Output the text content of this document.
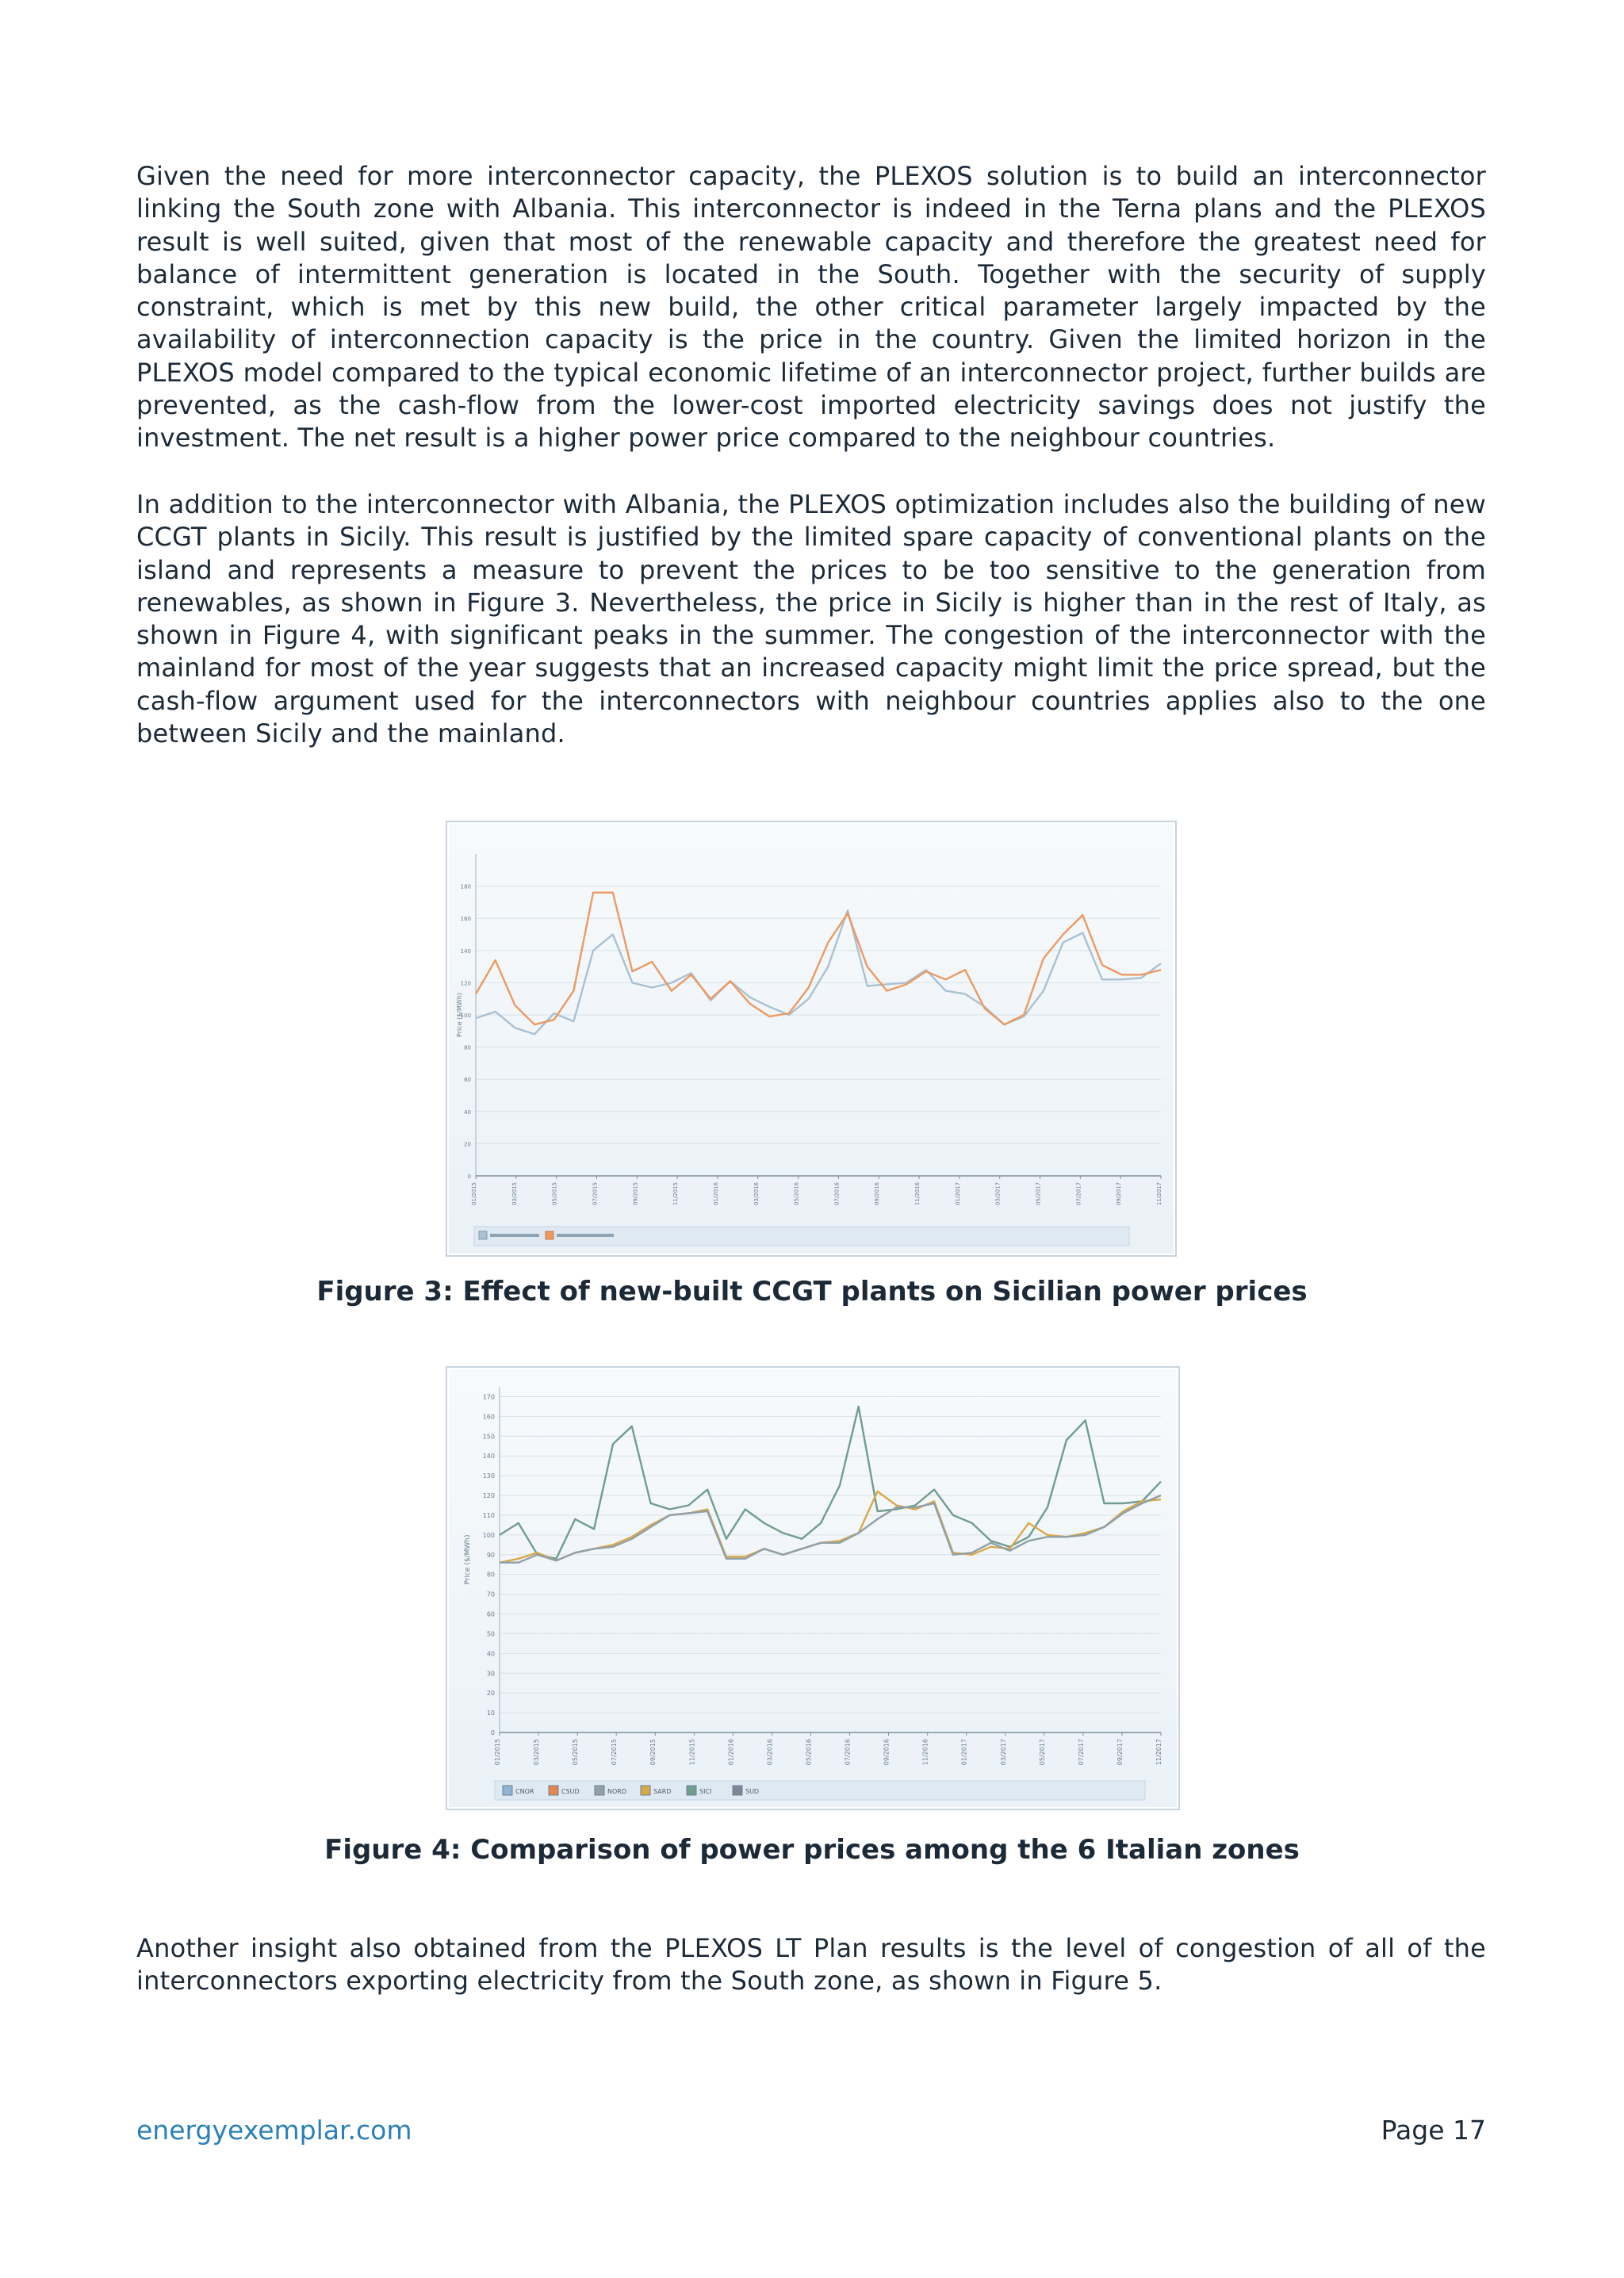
Given the need for more interconnector capacity, the PLEXOS solution is to build an interconnector linking the South zone with Albania. This interconnector is indeed in the Terna plans and the PLEXOS result is well suited, given that most of the renewable capacity and therefore the greatest need for balance of intermittent generation is located in the South. Together with the security of supply constraint, which is met by this new build, the other critical parameter largely impacted by the availability of interconnection capacity is the price in the country. Given the limited horizon in the PLEXOS model compared to the typical economic lifetime of an interconnector project, further builds are prevented, as the cash-flow from the lower-cost imported electricity savings does not justify the investment. The net result is a higher power price compared to the neighbour countries.

In addition to the interconnector with Albania, the PLEXOS optimization includes also the building of new CCGT plants in Sicily. This result is justified by the limited spare capacity of conventional plants on the island and represents a measure to prevent the prices to be too sensitive to the generation from renewables, as shown in Figure 3. Nevertheless, the price in Sicily is higher than in the rest of Italy, as shown in Figure 4, with significant peaks in the summer. The congestion of the interconnector with the mainland for most of the year suggests that an increased capacity might limit the price spread, but the cash-flow argument used for the interconnectors with neighbour countries applies also to the one between Sicily and the mainland.

Price ($/MWh)
0
20
40
60
80
100
120
140
160
180
01/2015	03/2015	05/2015	07/2015	09/2015	11/2015	01/2016	03/2016	05/2016	07/2016	09/2016	11/2016	01/2017	03/2017	05/2017	07/2017	09/2017	11/2017

Figure 3: Effect of new-built CCGT plants on Sicilian power prices

Price ($/MWh)
0
10
20
30
40
50
60
70
80
90
100
110
120
130
140
150
160
170
01/2015	03/2015	05/2015	07/2015	09/2015	11/2015	01/2016	03/2016	05/2016	07/2016	09/2016	11/2016	01/2017	03/2017	05/2017	07/2017	09/2017	11/2017
CNOR	CSUD	NORD	SARD	SICI	SUD

Figure 4: Comparison of power prices among the 6 Italian zones

Another insight also obtained from the PLEXOS LT Plan results is the level of congestion of all of the interconnectors exporting electricity from the South zone, as shown in Figure 5.

energyexemplar.com	Page 17
